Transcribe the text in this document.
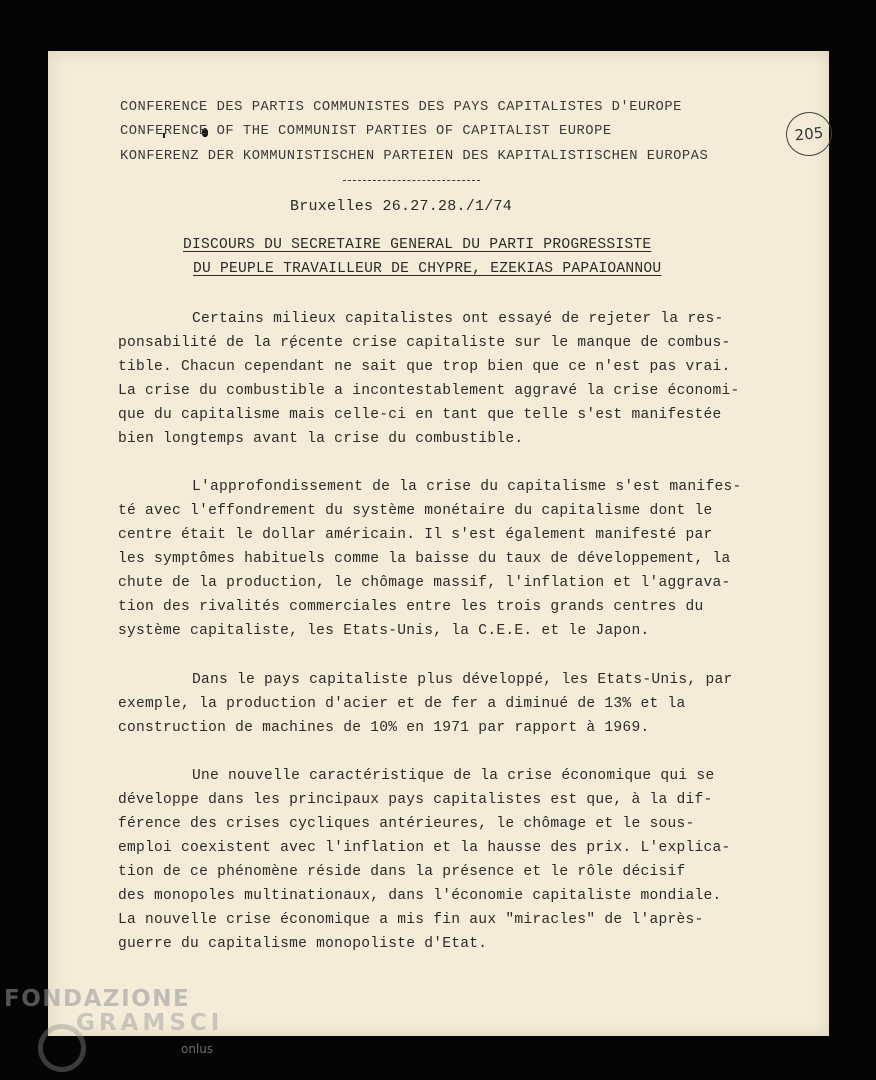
205
CONFERENCE DES PARTIS COMMUNISTES DES PAYS CAPITALISTES D'EUROPE
CONFERENCE OF THE COMMUNIST PARTIES OF CAPITALIST EUROPE
KONFERENZ DER KOMMUNISTISCHEN PARTEIEN DES KAPITALISTISCHEN EUROPAS
Bruxelles 26.27.28./1/74
DISCOURS DU SECRETAIRE GENERAL DU PARTI PROGRESSISTE
DU PEUPLE TRAVAILLEUR DE CHYPRE, EZEKIAS PAPAIOANNOU
Certains milieux capitalistes ont essayé de rejeter la res-
ponsabilité de la récente crise capitaliste sur le manque de combus-
tible. Chacun cependant ne sait que trop bien que ce n'est pas vrai.
La crise du combustible a incontestablement aggravé la crise économi-
que du capitalisme mais celle-ci en tant que telle s'est manifestée
bien longtemps avant la crise du combustible.
L'approfondissement de la crise du capitalisme s'est manifes-
té avec l'effondrement du système monétaire du capitalisme dont le
centre était le dollar américain. Il s'est également manifesté par
les symptômes habituels comme la baisse du taux de développement, la
chute de la production, le chômage massif, l'inflation et l'aggrava-
tion des rivalités commerciales entre les trois grands centres du
système capitaliste, les Etats-Unis, la C.E.E. et le Japon.
Dans le pays capitaliste plus développé, les Etats-Unis, par
exemple, la production d'acier et de fer a diminué de 13% et la
construction de machines de 10% en 1971 par rapport à 1969.
Une nouvelle caractéristique de la crise économique qui se
développe dans les principaux pays capitalistes est que, à la dif-
férence des crises cycliques antérieures, le chômage et le sous-
emploi coexistent avec l'inflation et la hausse des prix. L'explica-
tion de ce phénomène réside dans la présence et le rôle décisif
des monopoles multinationaux, dans l'économie capitaliste mondiale.
La nouvelle crise économique a mis fin aux "miracles" de l'après-
guerre du capitalisme monopoliste d'Etat.
FONDAZIONE
GRAMSCI
onlus
